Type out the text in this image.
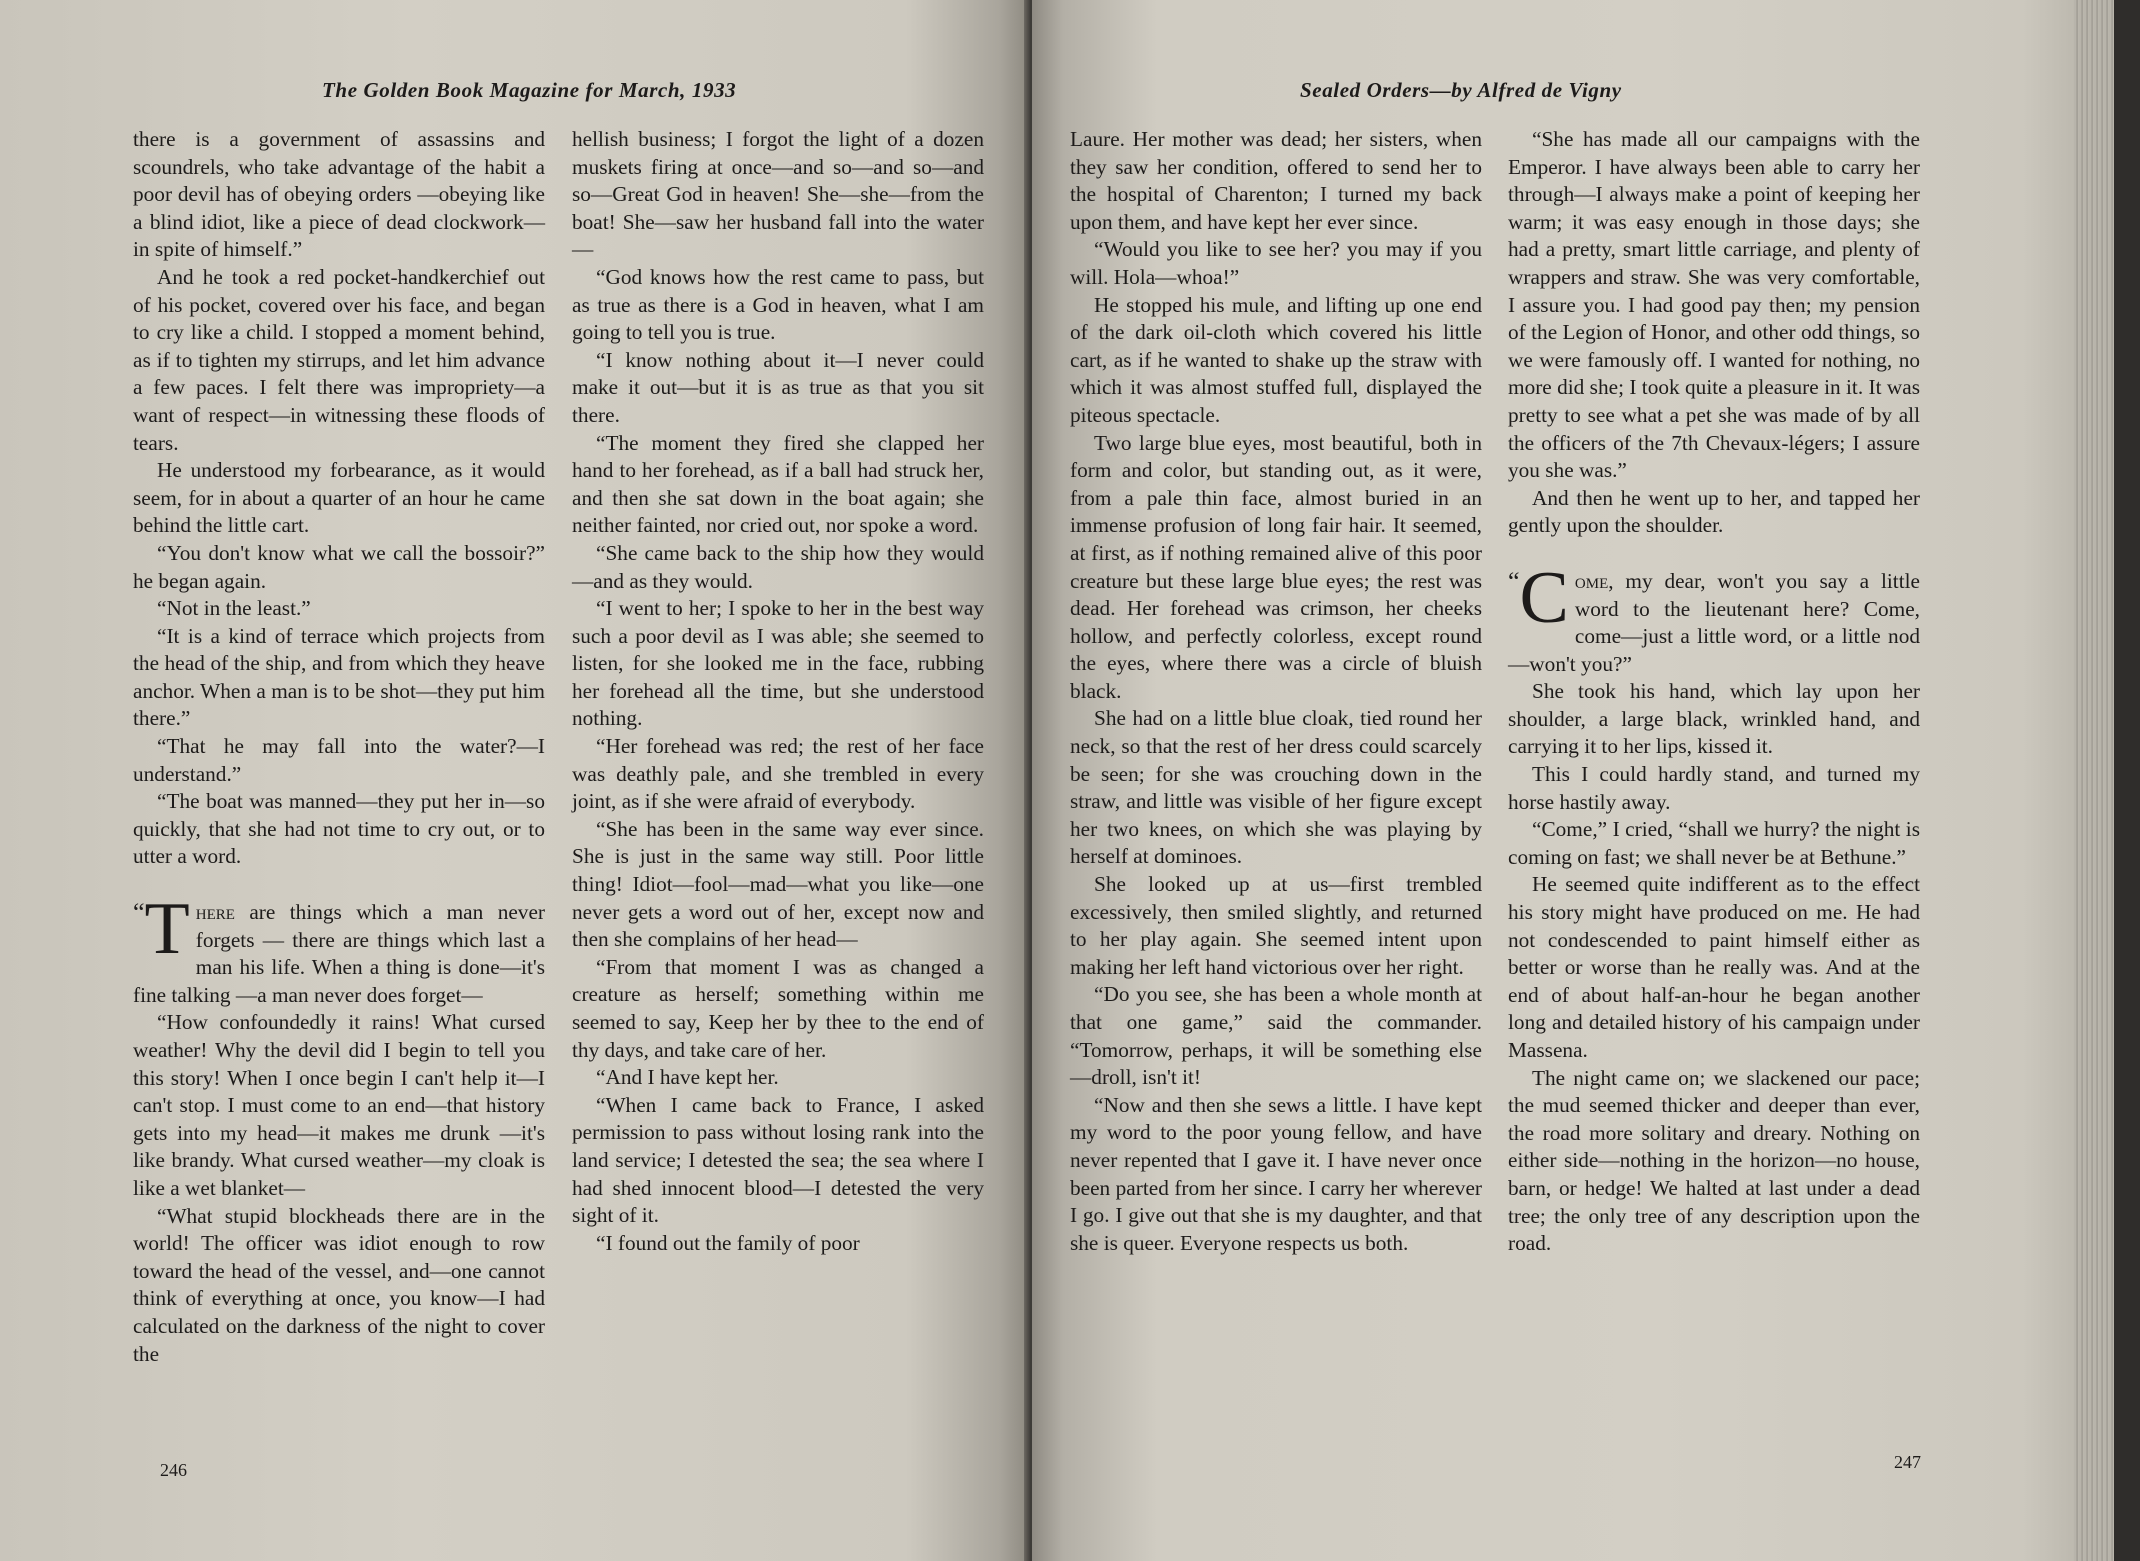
The Golden Book Magazine for March, 1933

there is a government of assassins and scoundrels, who take advantage of the habit a poor devil has of obeying orders —obeying like a blind idiot, like a piece of dead clockwork—in spite of himself.”

And he took a red pocket-handkerchief out of his pocket, covered over his face, and began to cry like a child. I stopped a moment behind, as if to tighten my stirrups, and let him advance a few paces. I felt there was impropriety—a want of respect—in witnessing these floods of tears.

He understood my forbearance, as it would seem, for in about a quarter of an hour he came behind the little cart.

“You don't know what we call the bossoir?” he began again.

“Not in the least.”

“It is a kind of terrace which projects from the head of the ship, and from which they heave anchor. When a man is to be shot—they put him there.”

“That he may fall into the water?—I understand.”

“The boat was manned—they put her in—so quickly, that she had not time to cry out, or to utter a word.

“ T here are things which a man never forgets — there are things which last a man his life. When a thing is done—it's fine talking —a man never does forget—

“How confoundedly it rains! What cursed weather! Why the devil did I begin to tell you this story! When I once begin I can't help it—I can't stop. I must come to an end—that history gets into my head—it makes me drunk —it's like brandy. What cursed weather—my cloak is like a wet blanket—

“What stupid blockheads there are in the world! The officer was idiot enough to row toward the head of the vessel, and—one cannot think of everything at once, you know—I had calculated on the darkness of the night to cover the

hellish business; I forgot the light of a dozen muskets firing at once—and so—and so—and so—Great God in heaven! She—she—from the boat! She—saw her husband fall into the water—

“God knows how the rest came to pass, but as true as there is a God in heaven, what I am going to tell you is true.

“I know nothing about it—I never could make it out—but it is as true as that you sit there.

“The moment they fired she clapped her hand to her forehead, as if a ball had struck her, and then she sat down in the boat again; she neither fainted, nor cried out, nor spoke a word.

“She came back to the ship how they would—and as they would.

“I went to her; I spoke to her in the best way such a poor devil as I was able; she seemed to listen, for she looked me in the face, rubbing her forehead all the time, but she understood nothing.

“Her forehead was red; the rest of her face was deathly pale, and she trembled in every joint, as if she were afraid of everybody.

“She has been in the same way ever since. She is just in the same way still. Poor little thing! Idiot—fool—mad—what you like—one never gets a word out of her, except now and then she complains of her head—

“From that moment I was as changed a creature as herself; something within me seemed to say, Keep her by thee to the end of thy days, and take care of her.

“And I have kept her.

“When I came back to France, I asked permission to pass without losing rank into the land service; I detested the sea; the sea where I had shed innocent blood—I detested the very sight of it.

“I found out the family of poor

246
Sealed Orders—by Alfred de Vigny

Laure. Her mother was dead; her sisters, when they saw her condition, offered to send her to the hospital of Charenton; I turned my back upon them, and have kept her ever since.

“Would you like to see her? you may if you will. Hola—whoa!”

He stopped his mule, and lifting up one end of the dark oil-cloth which covered his little cart, as if he wanted to shake up the straw with which it was almost stuffed full, displayed the piteous spectacle.

Two large blue eyes, most beautiful, both in form and color, but standing out, as it were, from a pale thin face, almost buried in an immense profusion of long fair hair. It seemed, at first, as if nothing remained alive of this poor creature but these large blue eyes; the rest was dead. Her forehead was crimson, her cheeks hollow, and perfectly colorless, except round the eyes, where there was a circle of bluish black.

She had on a little blue cloak, tied round her neck, so that the rest of her dress could scarcely be seen; for she was crouching down in the straw, and little was visible of her figure except her two knees, on which she was playing by herself at dominoes.

She looked up at us—first trembled excessively, then smiled slightly, and returned to her play again. She seemed intent upon making her left hand victorious over her right.

“Do you see, she has been a whole month at that one game,” said the commander. “Tomorrow, perhaps, it will be something else—droll, isn't it!

“Now and then she sews a little. I have kept my word to the poor young fellow, and have never repented that I gave it. I have never once been parted from her since. I carry her wherever I go. I give out that she is my daughter, and that she is queer. Everyone respects us both.

“She has made all our campaigns with the Emperor. I have always been able to carry her through—I always make a point of keeping her warm; it was easy enough in those days; she had a pretty, smart little carriage, and plenty of wrappers and straw. She was very comfortable, I assure you. I had good pay then; my pension of the Legion of Honor, and other odd things, so we were famously off. I wanted for nothing, no more did she; I took quite a pleasure in it. It was pretty to see what a pet she was made of by all the officers of the 7th Chevaux-légers; I assure you she was.”

And then he went up to her, and tapped her gently upon the shoulder.

“ C ome, my dear, won't you say a little word to the lieutenant here? Come, come—just a little word, or a little nod—won't you?”

She took his hand, which lay upon her shoulder, a large black, wrinkled hand, and carrying it to her lips, kissed it.

This I could hardly stand, and turned my horse hastily away.

“Come,” I cried, “shall we hurry? the night is coming on fast; we shall never be at Bethune.”

He seemed quite indifferent as to the effect his story might have produced on me. He had not condescended to paint himself either as better or worse than he really was. And at the end of about half-an-hour he began another long and detailed history of his campaign under Massena.

The night came on; we slackened our pace; the mud seemed thicker and deeper than ever, the road more solitary and dreary. Nothing on either side—nothing in the horizon—no house, barn, or hedge! We halted at last under a dead tree; the only tree of any description upon the road.

247
